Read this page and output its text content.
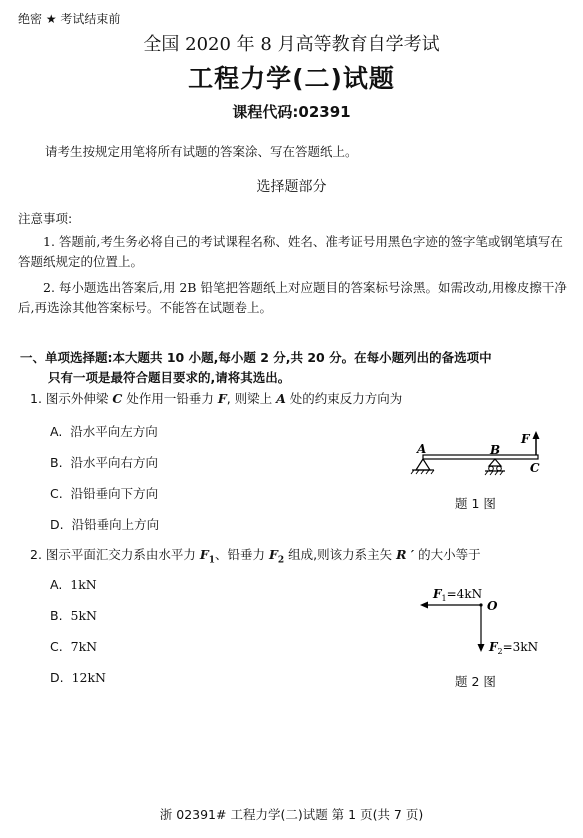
绝密 ★ 考试结束前
全国 2020 年 8 月高等教育自学考试
工程力学(二)试题
课程代码:02391
请考生按规定用笔将所有试题的答案涂、写在答题纸上。
选择题部分
注意事项:
1. 答题前,考生务必将自己的考试课程名称、姓名、准考证号用黑色字迹的签字笔或钢笔填写在答题纸规定的位置上。
2. 每小题选出答案后,用 2B 铅笔把答题纸上对应题目的答案标号涂黑。如需改动,用橡皮擦干净后,再选涂其他答案标号。不能答在试题卷上。
一、单项选择题:本大题共 10 小题,每小题 2 分,共 20 分。在每小题列出的备选项中
只有一项是最符合题目要求的,请将其选出。
1. 图示外伸梁 C 处作用一铅垂力 F, 则梁上 A 处的约束反力方向为
A. 沿水平向左方向
B. 沿水平向右方向
C. 沿铅垂向下方向
D. 沿铅垂向上方向
A	B
C
F
题 1 图
2. 图示平面汇交力系由水平力 $F_1$、铅垂力 $F_2$ 组成,则该力系主矢 R ′ 的大小等于
A. 1kN
B. 5kN
C. 7kN
D. 12kN
$F_1=4kN$
O
$F_2=3kN$
题 2 图
浙 02391# 工程力学(二)试题 第 1 页(共 7 页)
